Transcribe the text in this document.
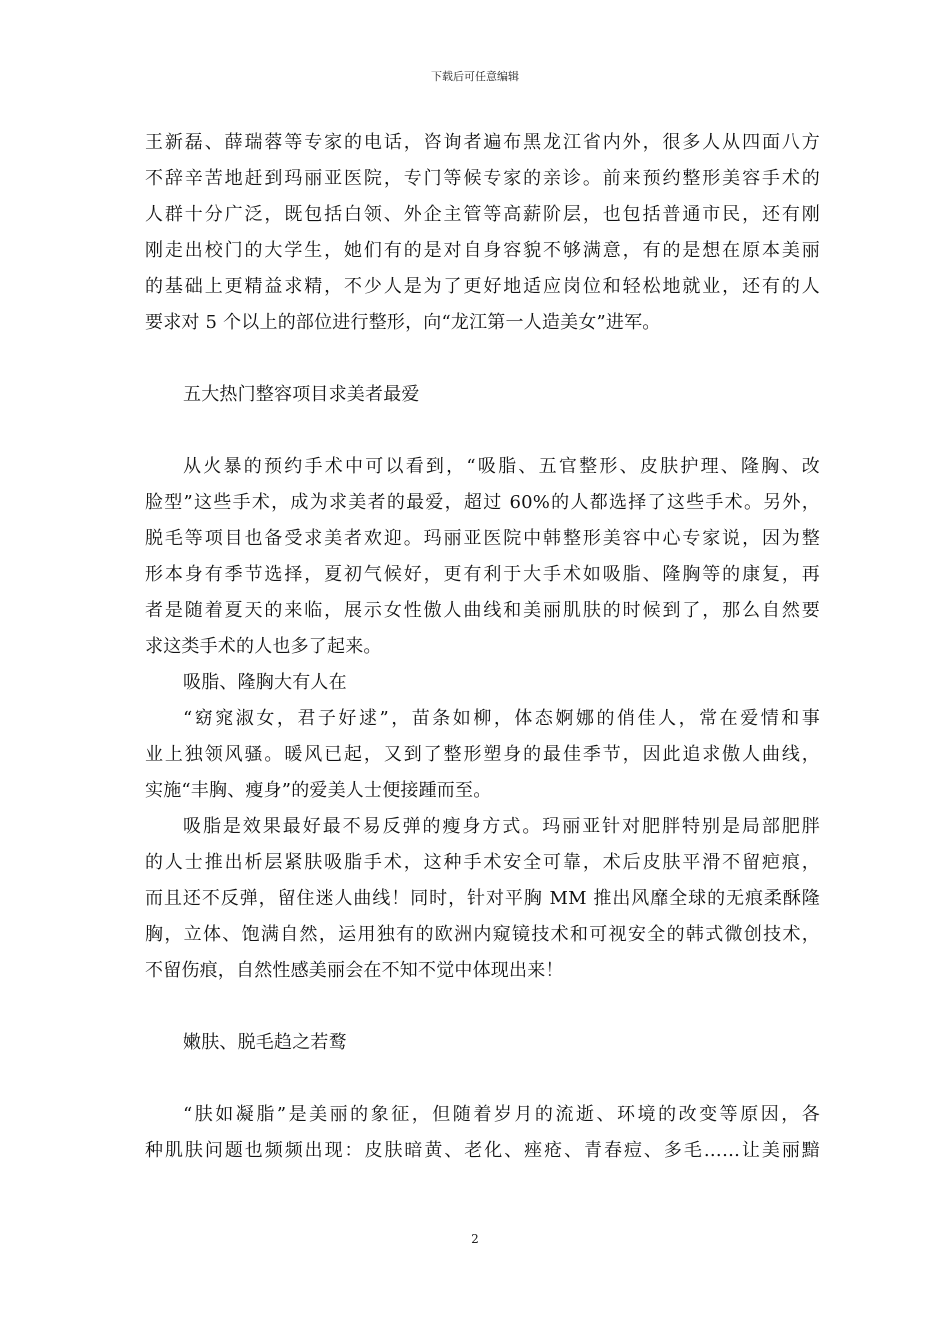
下载后可任意编辑
王新磊、薛瑞蓉等专家的电话，咨询者遍布黑龙江省内外，很多人从四面八方
不辞辛苦地赶到玛丽亚医院，专门等候专家的亲诊。前来预约整形美容手术的
人群十分广泛，既包括白领、外企主管等高薪阶层，也包括普通市民，还有刚
刚走出校门的大学生，她们有的是对自身容貌不够满意，有的是想在原本美丽
的基础上更精益求精，不少人是为了更好地适应岗位和轻松地就业，还有的人
要求对 5 个以上的部位进行整形，向“龙江第一人造美女”进军。
五大热门整容项目求美者最爱
从火暴的预约手术中可以看到，“吸脂、五官整形、皮肤护理、隆胸、改
脸型”这些手术，成为求美者的最爱，超过 60%的人都选择了这些手术。另外，
脱毛等项目也备受求美者欢迎。玛丽亚医院中韩整形美容中心专家说，因为整
形本身有季节选择，夏初气候好，更有利于大手术如吸脂、隆胸等的康复，再
者是随着夏天的来临，展示女性傲人曲线和美丽肌肤的时候到了，那么自然要
求这类手术的人也多了起来。
吸脂、隆胸大有人在
“窈窕淑女，君子好逑”，苗条如柳，体态婀娜的俏佳人，常在爱情和事
业上独领风骚。暖风已起，又到了整形塑身的最佳季节，因此追求傲人曲线，
实施“丰胸、瘦身”的爱美人士便接踵而至。
吸脂是效果最好最不易反弹的瘦身方式。玛丽亚针对肥胖特别是局部肥胖
的人士推出析层紧肤吸脂手术，这种手术安全可靠，术后皮肤平滑不留疤痕，
而且还不反弹，留住迷人曲线！同时，针对平胸 MM 推出风靡全球的无痕柔酥隆
胸，立体、饱满自然，运用独有的欧洲内窥镜技术和可视安全的韩式微创技术，
不留伤痕，自然性感美丽会在不知不觉中体现出来！
嫩肤、脱毛趋之若鹜
“肤如凝脂”是美丽的象征，但随着岁月的流逝、环境的改变等原因，各
种肌肤问题也频频出现：皮肤暗黄、老化、痤疮、青春痘、多毛……让美丽黯
2
